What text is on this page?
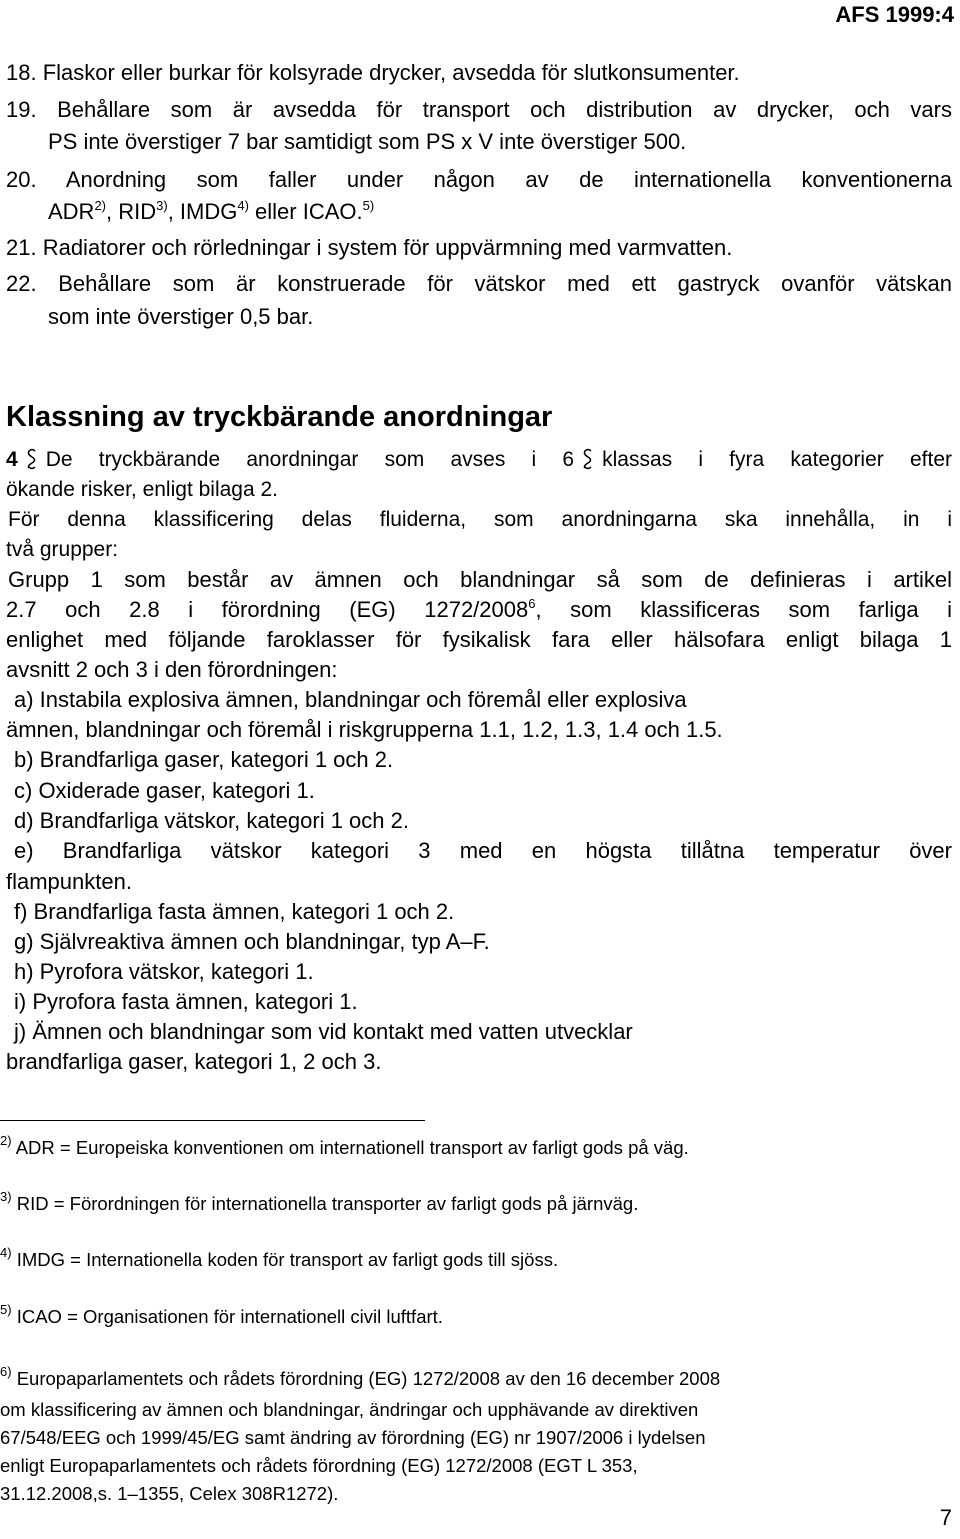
AFS 1999:4
18. Flaskor eller burkar för kolsyrade drycker, avsedda för slutkonsumenter.
19. Behållare som är avsedda för transport och distribution av drycker, och vars
PS inte överstiger 7 bar samtidigt som PS x V inte överstiger 500.
20. Anordning som faller under någon av de internationella konventionerna
ADR$^{2)}$, RID$^{3)}$, IMDG$^{4)}$ eller ICAO.$^{5)}$
21. Radiatorer och rörledningar i system för uppvärmning med varmvatten.
22. Behållare som är konstruerade för vätskor med ett gastryck ovanför vätskan
som inte överstiger 0,5 bar.
Klassning av tryckbärande anordningar
4 De tryckbärande anordningar som avses i 6 klassas i fyra kategorier efter
ökande risker, enligt bilaga 2.
För denna klassificering delas fluiderna, som anordningarna ska innehålla, in i
två grupper:
Grupp 1 som består av ämnen och blandningar så som de definieras i artikel
2.7 och 2.8 i förordning (EG) 1272/2008$^6$, som klassificeras som farliga i
enlighet med följande faroklasser för fysikalisk fara eller hälsofara enligt bilaga 1
avsnitt 2 och 3 i den förordningen:
a) Instabila explosiva ämnen, blandningar och föremål eller explosiva
ämnen, blandningar och föremål i riskgrupperna 1.1, 1.2, 1.3, 1.4 och 1.5.
b) Brandfarliga gaser, kategori 1 och 2.
c) Oxiderade gaser, kategori 1.
d) Brandfarliga vätskor, kategori 1 och 2.
e) Brandfarliga vätskor kategori 3 med en högsta tillåtna temperatur över
flampunkten.
f) Brandfarliga fasta ämnen, kategori 1 och 2.
g) Självreaktiva ämnen och blandningar, typ A–F.
h) Pyrofora vätskor, kategori 1.
i) Pyrofora fasta ämnen, kategori 1.
j) Ämnen och blandningar som vid kontakt med vatten utvecklar
brandfarliga gaser, kategori 1, 2 och 3.
$^{2)}$ ADR = Europeiska konventionen om internationell transport av farligt gods på väg.
$^{3)}$ RID = Förordningen för internationella transporter av farligt gods på järnväg.
$^{4)}$ IMDG = Internationella koden för transport av farligt gods till sjöss.
$^{5)}$ ICAO = Organisationen för internationell civil luftfart.
$^{6)}$ Europaparlamentets och rådets förordning (EG) 1272/2008 av den 16 december 2008
om klassificering av ämnen och blandningar, ändringar och upphävande av direktiven
67/548/EEG och 1999/45/EG samt ändring av förordning (EG) nr 1907/2006 i lydelsen
enligt Europaparlamentets och rådets förordning (EG) 1272/2008 (EGT L 353,
31.12.2008,s. 1–1355, Celex 308R1272).
7
